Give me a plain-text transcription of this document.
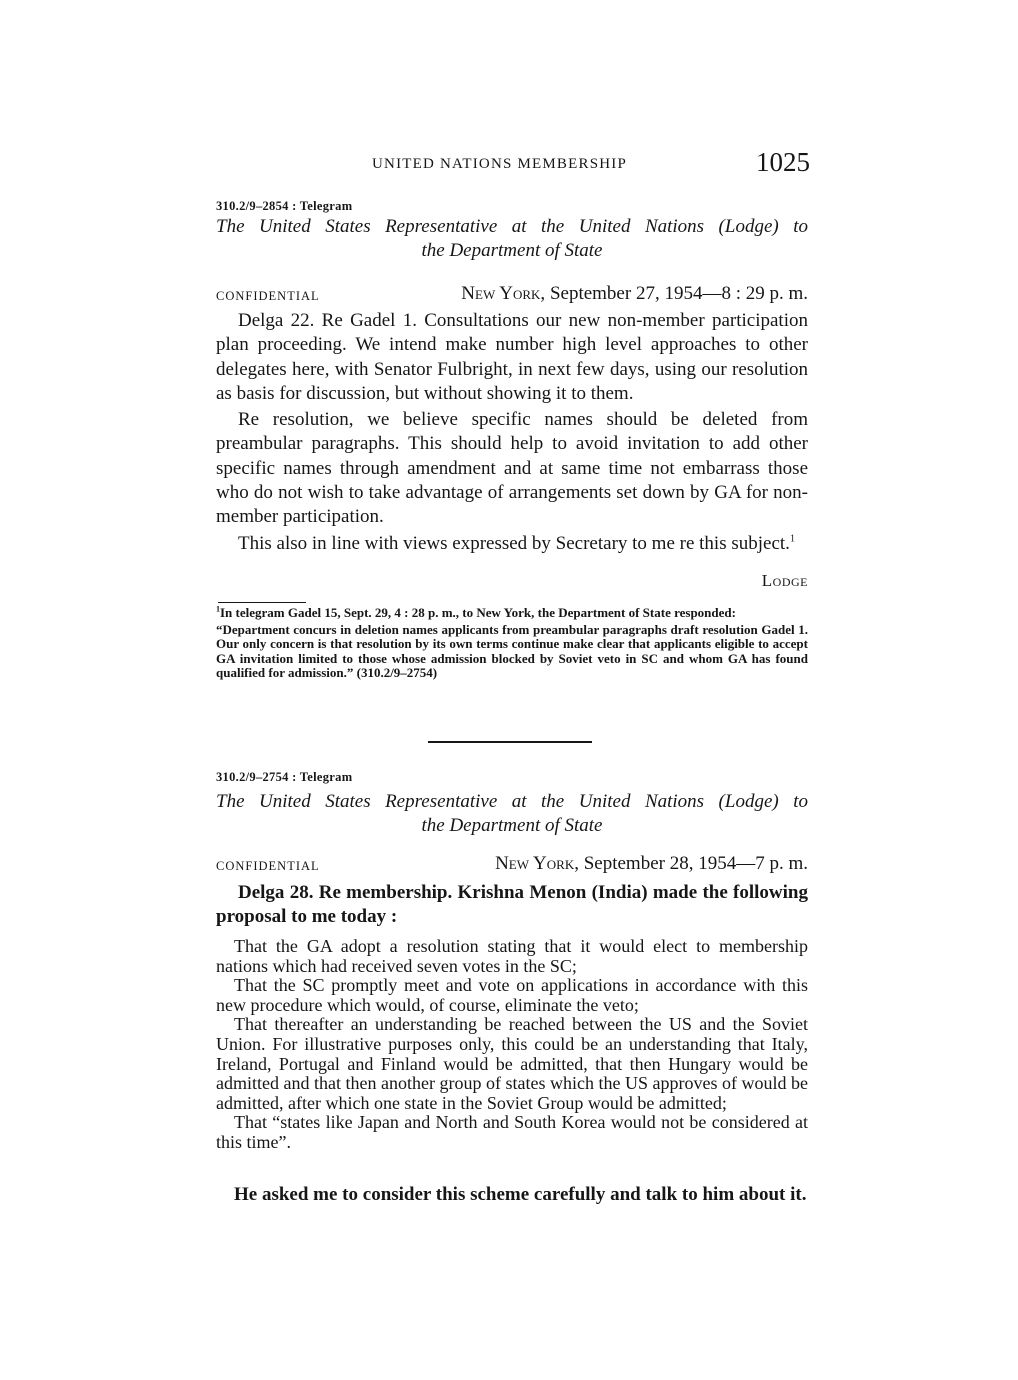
UNITED NATIONS MEMBERSHIP	1025
310.2/9–2854 : Telegram
The United States Representative at the United Nations (Lodge) to
the Department of State
CONFIDENTIAL	New York, September 27, 1954—8 : 29 p. m.

Delga 22. Re Gadel 1. Consultations our new non-member participation plan proceeding. We intend make number high level approaches to other delegates here, with Senator Fulbright, in next few days, using our resolution as basis for discussion, but without showing it to them.

Re resolution, we believe specific names should be deleted from preambular paragraphs. This should help to avoid invitation to add other specific names through amendment and at same time not embarrass those who do not wish to take advantage of arrangements set down by GA for non-member participation.

This also in line with views expressed by Secretary to me re this subject.$^1$

Lodge

$^1$In telegram Gadel 15, Sept. 29, 4 : 28 p. m., to New York, the Department of State responded:

“Department concurs in deletion names applicants from preambular paragraphs draft resolution Gadel 1. Our only concern is that resolution by its own terms continue make clear that applicants eligible to accept GA invitation limited to those whose admission blocked by Soviet veto in SC and whom GA has found qualified for admission.” (310.2/9–2754)

310.2/9–2754 : Telegram
The United States Representative at the United Nations (Lodge) to
the Department of State
CONFIDENTIAL	New York, September 28, 1954—7 p. m.

Delga 28. Re membership. Krishna Menon (India) made the following proposal to me today :

That the GA adopt a resolution stating that it would elect to membership nations which had received seven votes in the SC;

That the SC promptly meet and vote on applications in accordance with this new procedure which would, of course, eliminate the veto;

That thereafter an understanding be reached between the US and the Soviet Union. For illustrative purposes only, this could be an understanding that Italy, Ireland, Portugal and Finland would be admitted, that then Hungary would be admitted and that then another group of states which the US approves of would be admitted, after which one state in the Soviet Group would be admitted;

That “states like Japan and North and South Korea would not be considered at this time”.

He asked me to consider this scheme carefully and talk to him about it.
